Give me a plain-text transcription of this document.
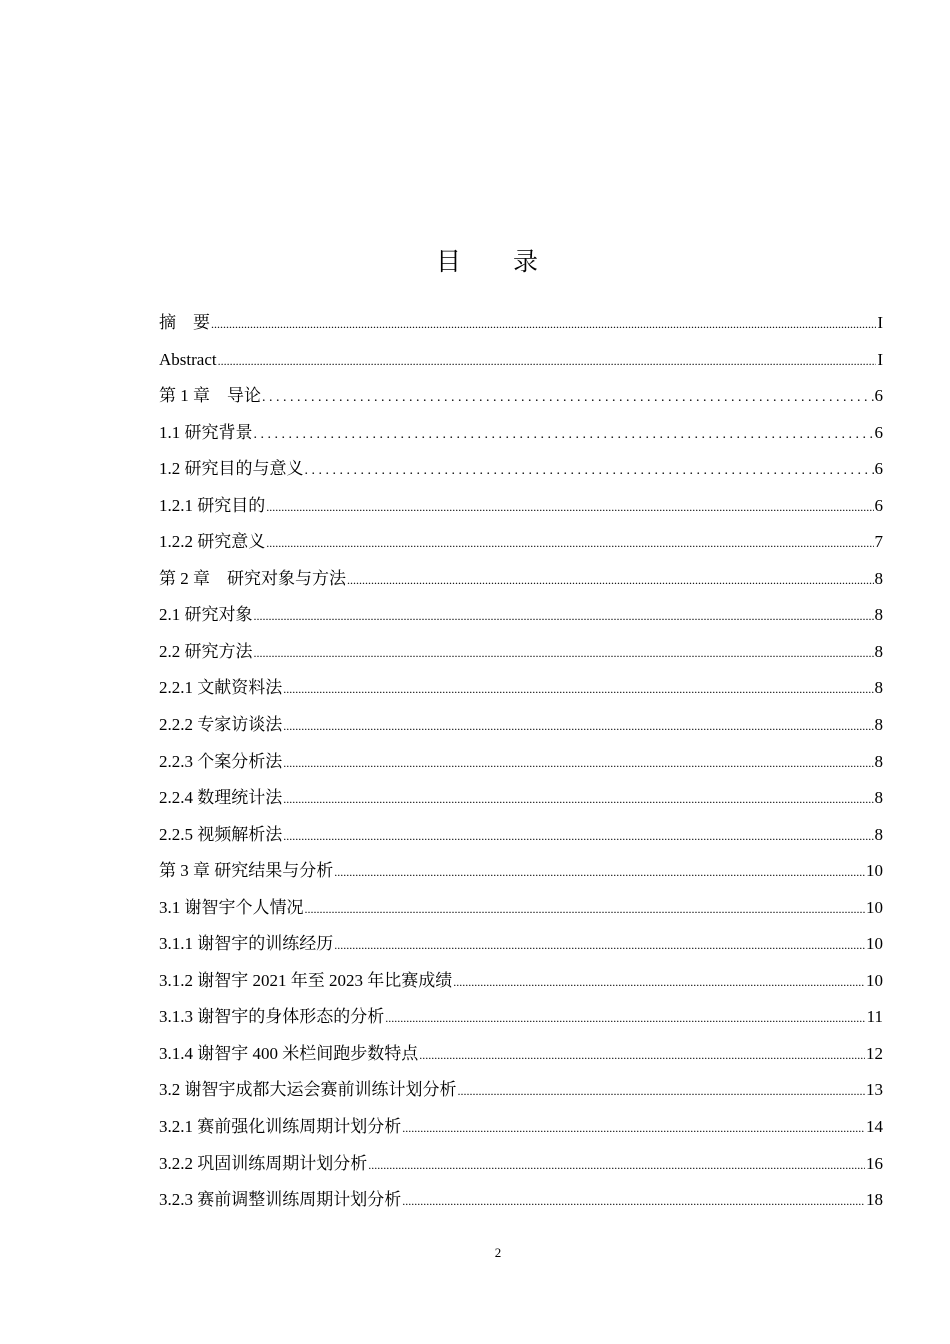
目 录
摘　要 .....	I
Abstract .....	I
第 1 章　导论 . . .	6
1.1 研究背景 . . .	6
1.2 研究目的与意义 . . .	6
1.2.1 研究目的 .....	6
1.2.2 研究意义 .....	7
第 2 章　研究对象与方法 .....	8
2.1 研究对象 .....	8
2.2 研究方法 .....	8
2.2.1 文献资料法 .....	8
2.2.2 专家访谈法 .....	8
2.2.3 个案分析法 .....	8
2.2.4 数理统计法 .....	8
2.2.5 视频解析法 .....	8
第 3 章 研究结果与分析 .....	10
3.1 谢智宇个人情况 .....	10
3.1.1 谢智宇的训练经历 .....	10
3.1.2 谢智宇 2021 年至 2023 年比赛成绩 .....	10
3.1.3 谢智宇的身体形态的分析 .....	11
3.1.4 谢智宇 400 米栏间跑步数特点 .....	12
3.2 谢智宇成都大运会赛前训练计划分析 .....	13
3.2.1 赛前强化训练周期计划分析 .....	14
3.2.2 巩固训练周期计划分析 .....	16
3.2.3 赛前调整训练周期计划分析 .....	18
2
